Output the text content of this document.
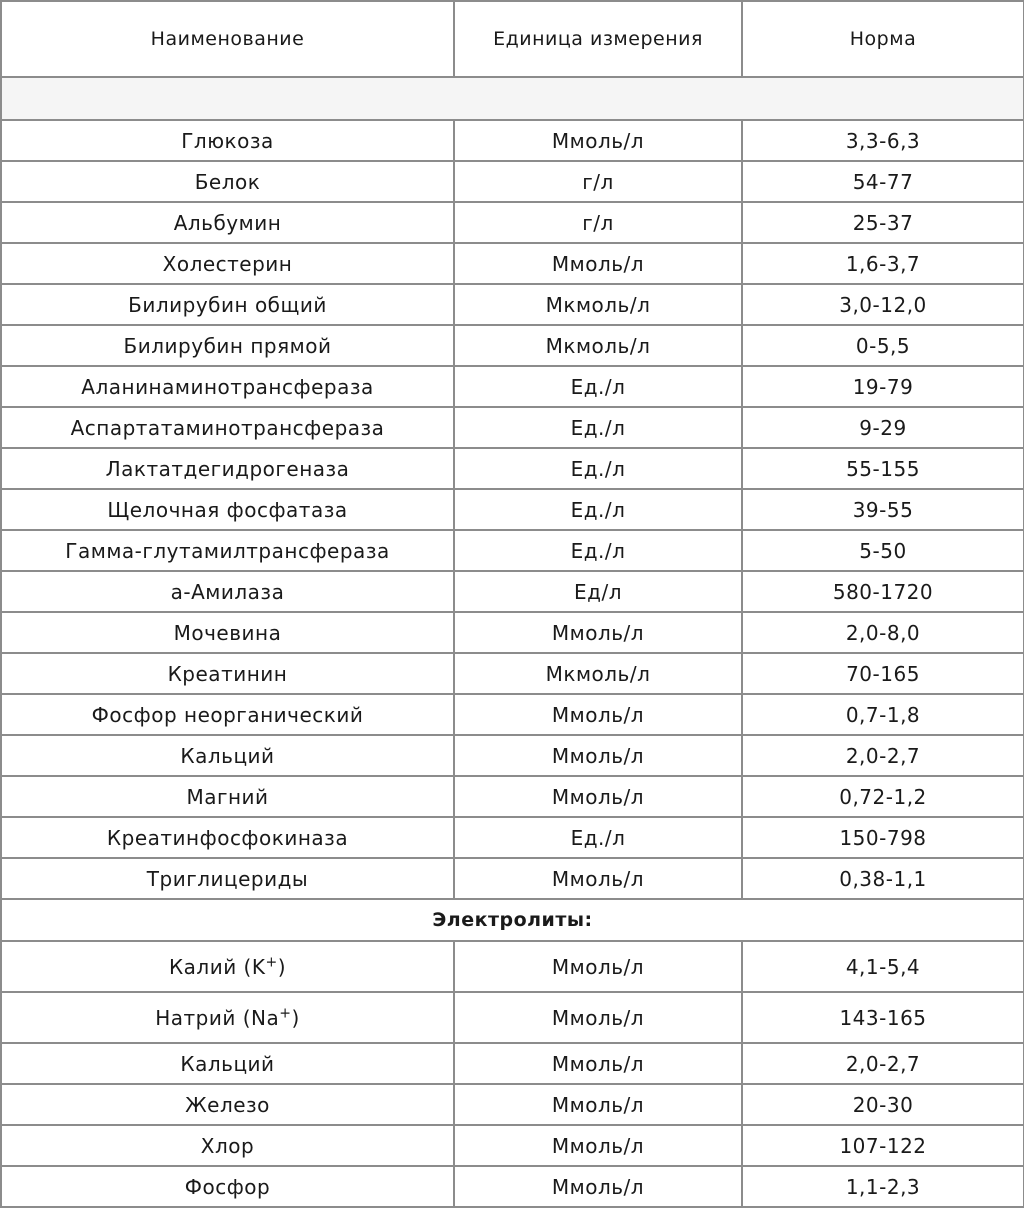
Наименование	Единица измерения	Норма

Глюкоза	Ммоль/л	3,3-6,3
Белок	г/л	54-77
Альбумин	г/л	25-37
Холестерин	Ммоль/л	1,6-3,7
Билирубин общий	Мкмоль/л	3,0-12,0
Билирубин прямой	Мкмоль/л	0-5,5
Аланинаминотрансфераза	Ед./л	19-79
Аспартатаминотрансфераза	Ед./л	9-29
Лактатдегидрогеназа	Ед./л	55-155
Щелочная фосфатаза	Ед./л	39-55
Гамма-глутамилтрансфераза	Ед./л	5-50
а-Амилаза	Ед/л	580-1720
Мочевина	Ммоль/л	2,0-8,0
Креатинин	Мкмоль/л	70-165
Фосфор неорганический	Ммоль/л	0,7-1,8
Кальций	Ммоль/л	2,0-2,7
Магний	Ммоль/л	0,72-1,2
Креатинфосфокиназа	Ед./л	150-798
Триглицериды	Ммоль/л	0,38-1,1
Электролиты:		
Калий (K+)	Ммоль/л	4,1-5,4
Натрий (Na+)	Ммоль/л	143-165
Кальций	Ммоль/л	2,0-2,7
Железо	Ммоль/л	20-30
Хлор	Ммоль/л	107-122
Фосфор	Ммоль/л	1,1-2,3
